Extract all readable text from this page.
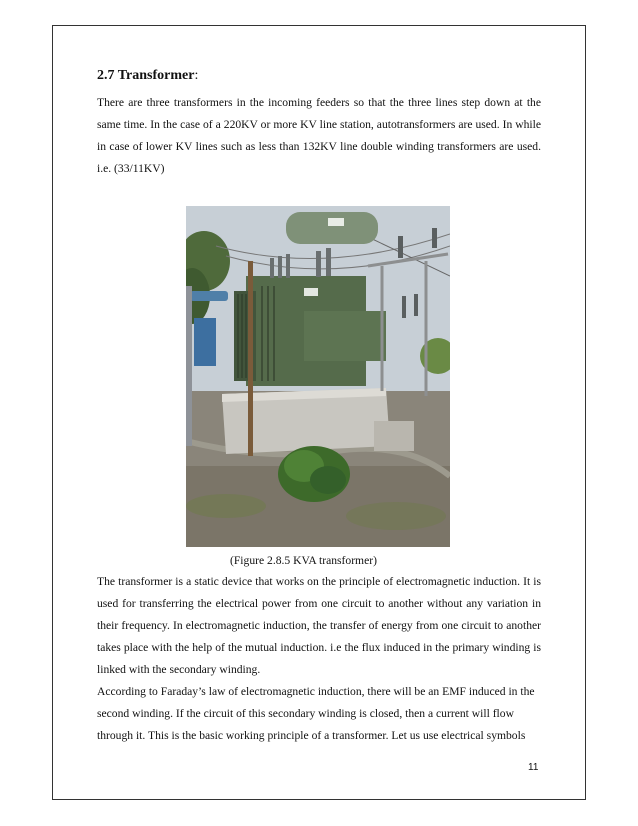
2.7 Transformer:

There are three transformers in the incoming feeders so that the three lines step down at the same time. In the case of a 220KV or more KV line station, autotransformers are used. In while in case of lower KV lines such as less than 132KV line double winding transformers are used. i.e. (33/11KV)

(Figure 2.8.5 KVA transformer)

The transformer is a static device that works on the principle of electromagnetic induction. It is used for transferring the electrical power from one circuit to another without any variation in their frequency. In electromagnetic induction, the transfer of energy from one circuit to another takes place with the help of the mutual induction. i.e the flux induced in the primary winding is linked with the secondary winding.

According to Faraday’s law of electromagnetic induction, there will be an EMF induced in the second winding. If the circuit of this secondary winding is closed, then a current will flow through it. This is the basic working principle of a transformer. Let us use electrical symbols

11
